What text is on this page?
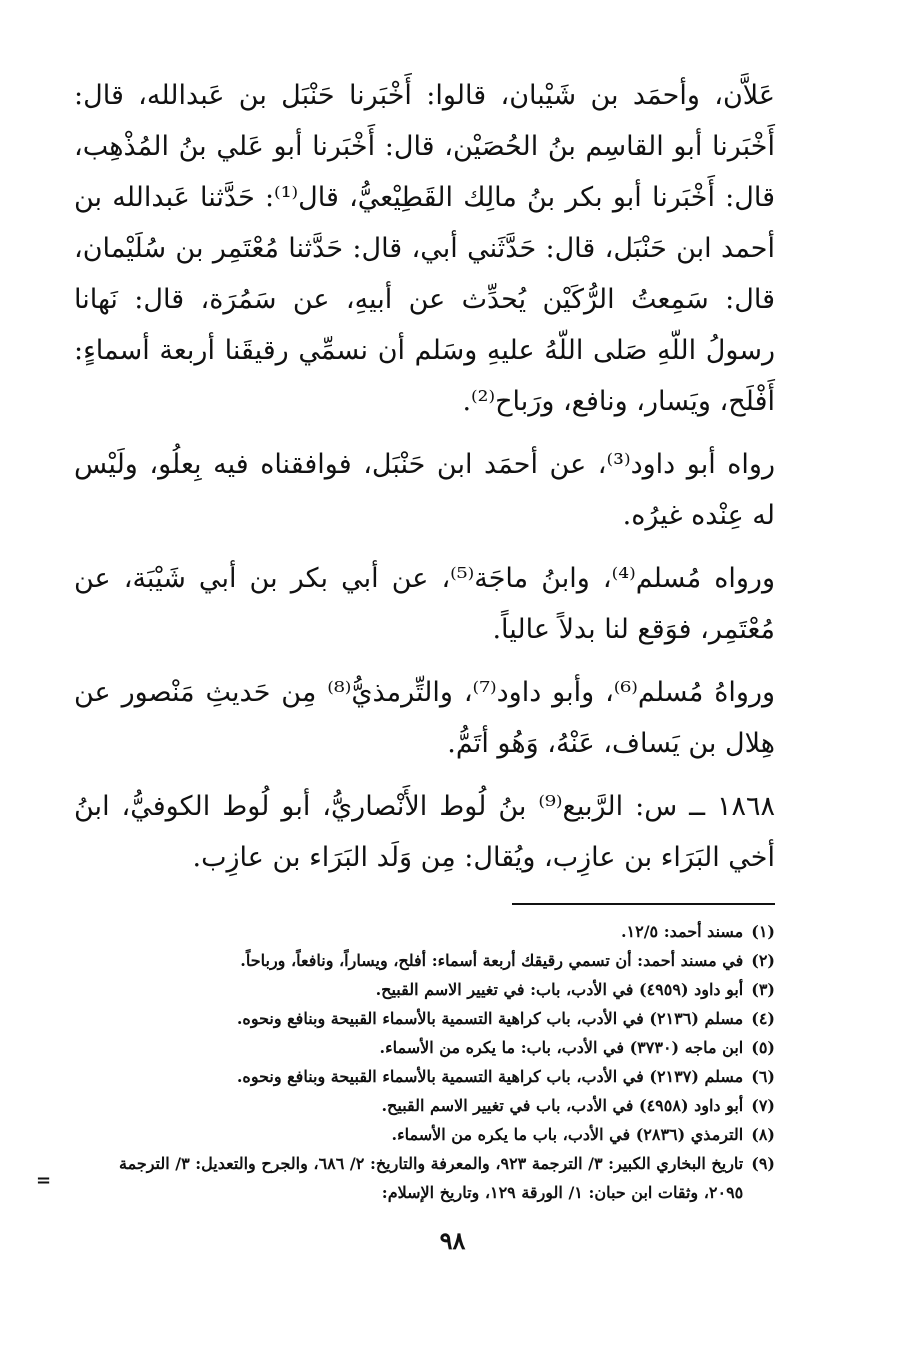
عَلاَّن، وأحمَد بن شَيْبان، قالوا: أَخْبَرنا حَنْبَل بن عَبدالله، قال: أَخْبَرنا أبو القاسِم بنُ الحُصَيْن، قال: أَخْبَرنا أبو عَلي بنُ المُذْهِب، قال: أَخْبَرنا أبو بكر بنُ مالِك القَطِيْعيُّ، قال⁽¹⁾: حَدَّثنا عَبدالله بن أحمد ابن حَنْبَل، قال: حَدَّثَني أبي، قال: حَدَّثنا مُعْتَمِر بن سُلَيْمان، قال: سَمِعتُ الرُّكَيْن يُحدِّث عن أبيهِ، عن سَمُرَة، قال: نَهانا رسولُ اللّهِ صَلى اللّهُ عليهِ وسَلم أن نسمِّي رقيقَنا أربعة أسماءٍ: أَفْلَح، ويَسار، ونافع، ورَباح⁽²⁾.

رواه أبو داود⁽³⁾، عن أحمَد ابن حَنْبَل، فوافقناه فيه بِعلُو، ولَيْس له عِنْده غيرُه.

ورواه مُسلم⁽⁴⁾، وابنُ ماجَة⁽⁵⁾، عن أبي بكر بن أبي شَيْبَة، عن مُعْتَمِر، فوَقع لنا بدلاً عالياً.

ورواهُ مُسلم⁽⁶⁾، وأبو داود⁽⁷⁾، والتِّرمذيُّ⁽⁸⁾ مِن حَديثِ مَنْصور عن هِلال بن يَساف، عَنْهُ، وَهُو أتَمُّ.

١٨٦٨ ــ س: الرَّبيع⁽⁹⁾ بنُ لُوط الأَنْصاريُّ، أبو لُوط الكوفيُّ، ابنُ أخي البَرَاء بن عازِب، ويُقال: مِن وَلَد البَرَاء بن عازِب.

(١)
مسند أحمد: ١٢/٥.
(٢)
في مسند أحمد: أن تسمي رقيقك أربعة أسماء: أفلح، ويساراً، ونافعاً، ورباحاً.
(٣)
أبو داود (٤٩٥٩) في الأدب، باب: في تغيير الاسم القبيح.
(٤)
مسلم (٢١٣٦) في الأدب، باب كراهية التسمية بالأسماء القبيحة وبنافع ونحوه.
(٥)
ابن ماجه (٣٧٣٠) في الأدب، باب: ما يكره من الأسماء.
(٦)
مسلم (٢١٣٧) في الأدب، باب كراهية التسمية بالأسماء القبيحة وبنافع ونحوه.
(٧)
أبو داود (٤٩٥٨) في الأدب، باب في تغيير الاسم القبيح.
(٨)
الترمذي (٢٨٣٦) في الأدب، باب ما يكره من الأسماء.
(٩)
تاريخ البخاري الكبير: ٣/ الترجمة ٩٢٣، والمعرفة والتاريخ: ٢/ ٦٨٦، والجرح والتعديل: ٣/ الترجمة ٢٠٩٥، وثقات ابن حبان: ١/ الورقة ١٢٩، وتاريخ الإسلام:
=
٩٨
